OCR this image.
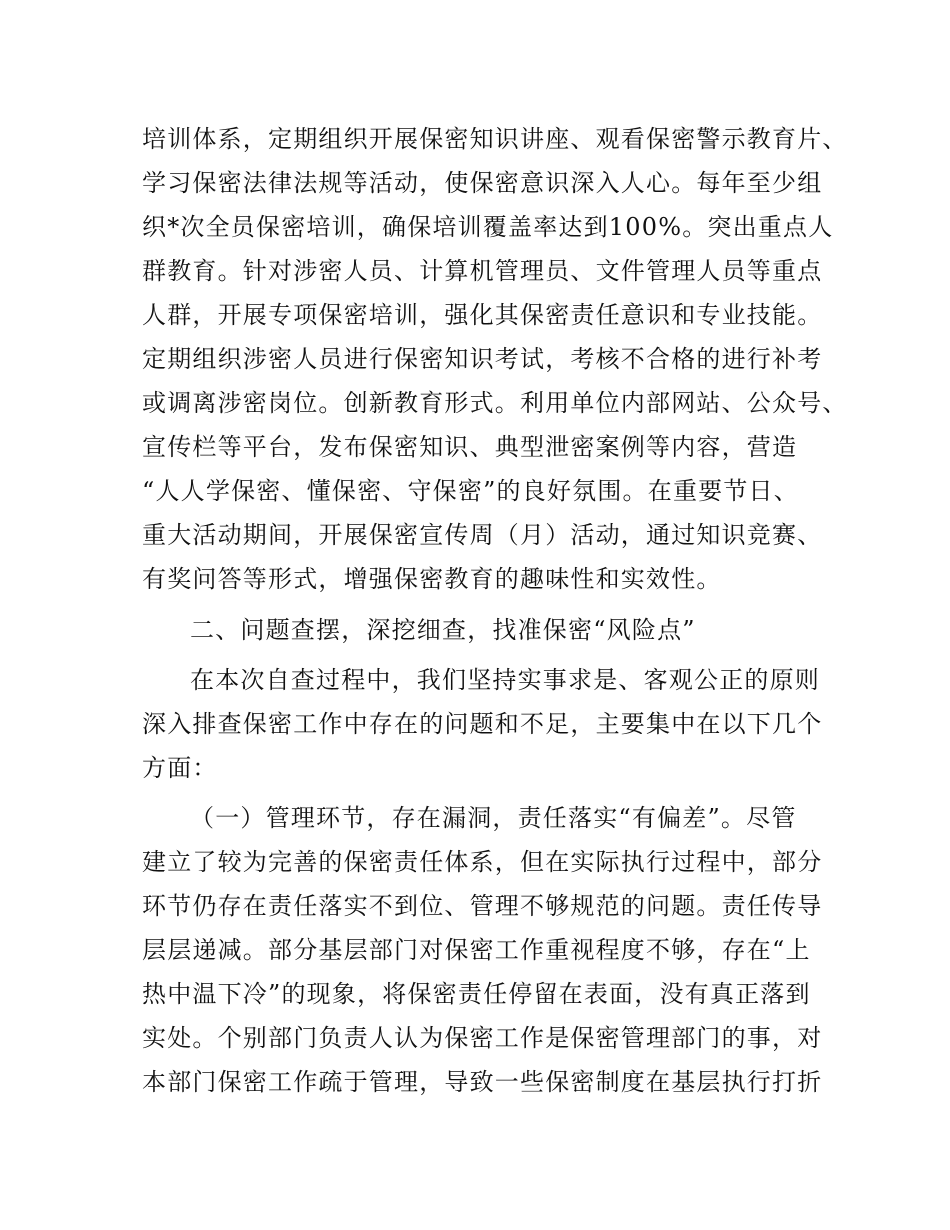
培训体系，定期组织开展保密知识讲座、观看保密警示教育片、

学习保密法律法规等活动，使保密意识深入人心。每年至少组

织*次全员保密培训，确保培训覆盖率达到100%。突出重点人

群教育。针对涉密人员、计算机管理员、文件管理人员等重点

人群，开展专项保密培训，强化其保密责任意识和专业技能。

定期组织涉密人员进行保密知识考试，考核不合格的进行补考

或调离涉密岗位。创新教育形式。利用单位内部网站、公众号、

宣传栏等平台，发布保密知识、典型泄密案例等内容，营造

“人人学保密、懂保密、守保密”的良好氛围。在重要节日、

重大活动期间，开展保密宣传周（月）活动，通过知识竞赛、

有奖问答等形式，增强保密教育的趣味性和实效性。

二、问题查摆，深挖细查，找准保密“风险点”

在本次自查过程中，我们坚持实事求是、客观公正的原则

深入排查保密工作中存在的问题和不足，主要集中在以下几个

方面：

（一）管理环节，存在漏洞，责任落实“有偏差”。尽管

建立了较为完善的保密责任体系，但在实际执行过程中，部分

环节仍存在责任落实不到位、管理不够规范的问题。责任传导

层层递减。部分基层部门对保密工作重视程度不够，存在“上

热中温下冷”的现象，将保密责任停留在表面，没有真正落到

实处。个别部门负责人认为保密工作是保密管理部门的事，对

本部门保密工作疏于管理，导致一些保密制度在基层执行打折
